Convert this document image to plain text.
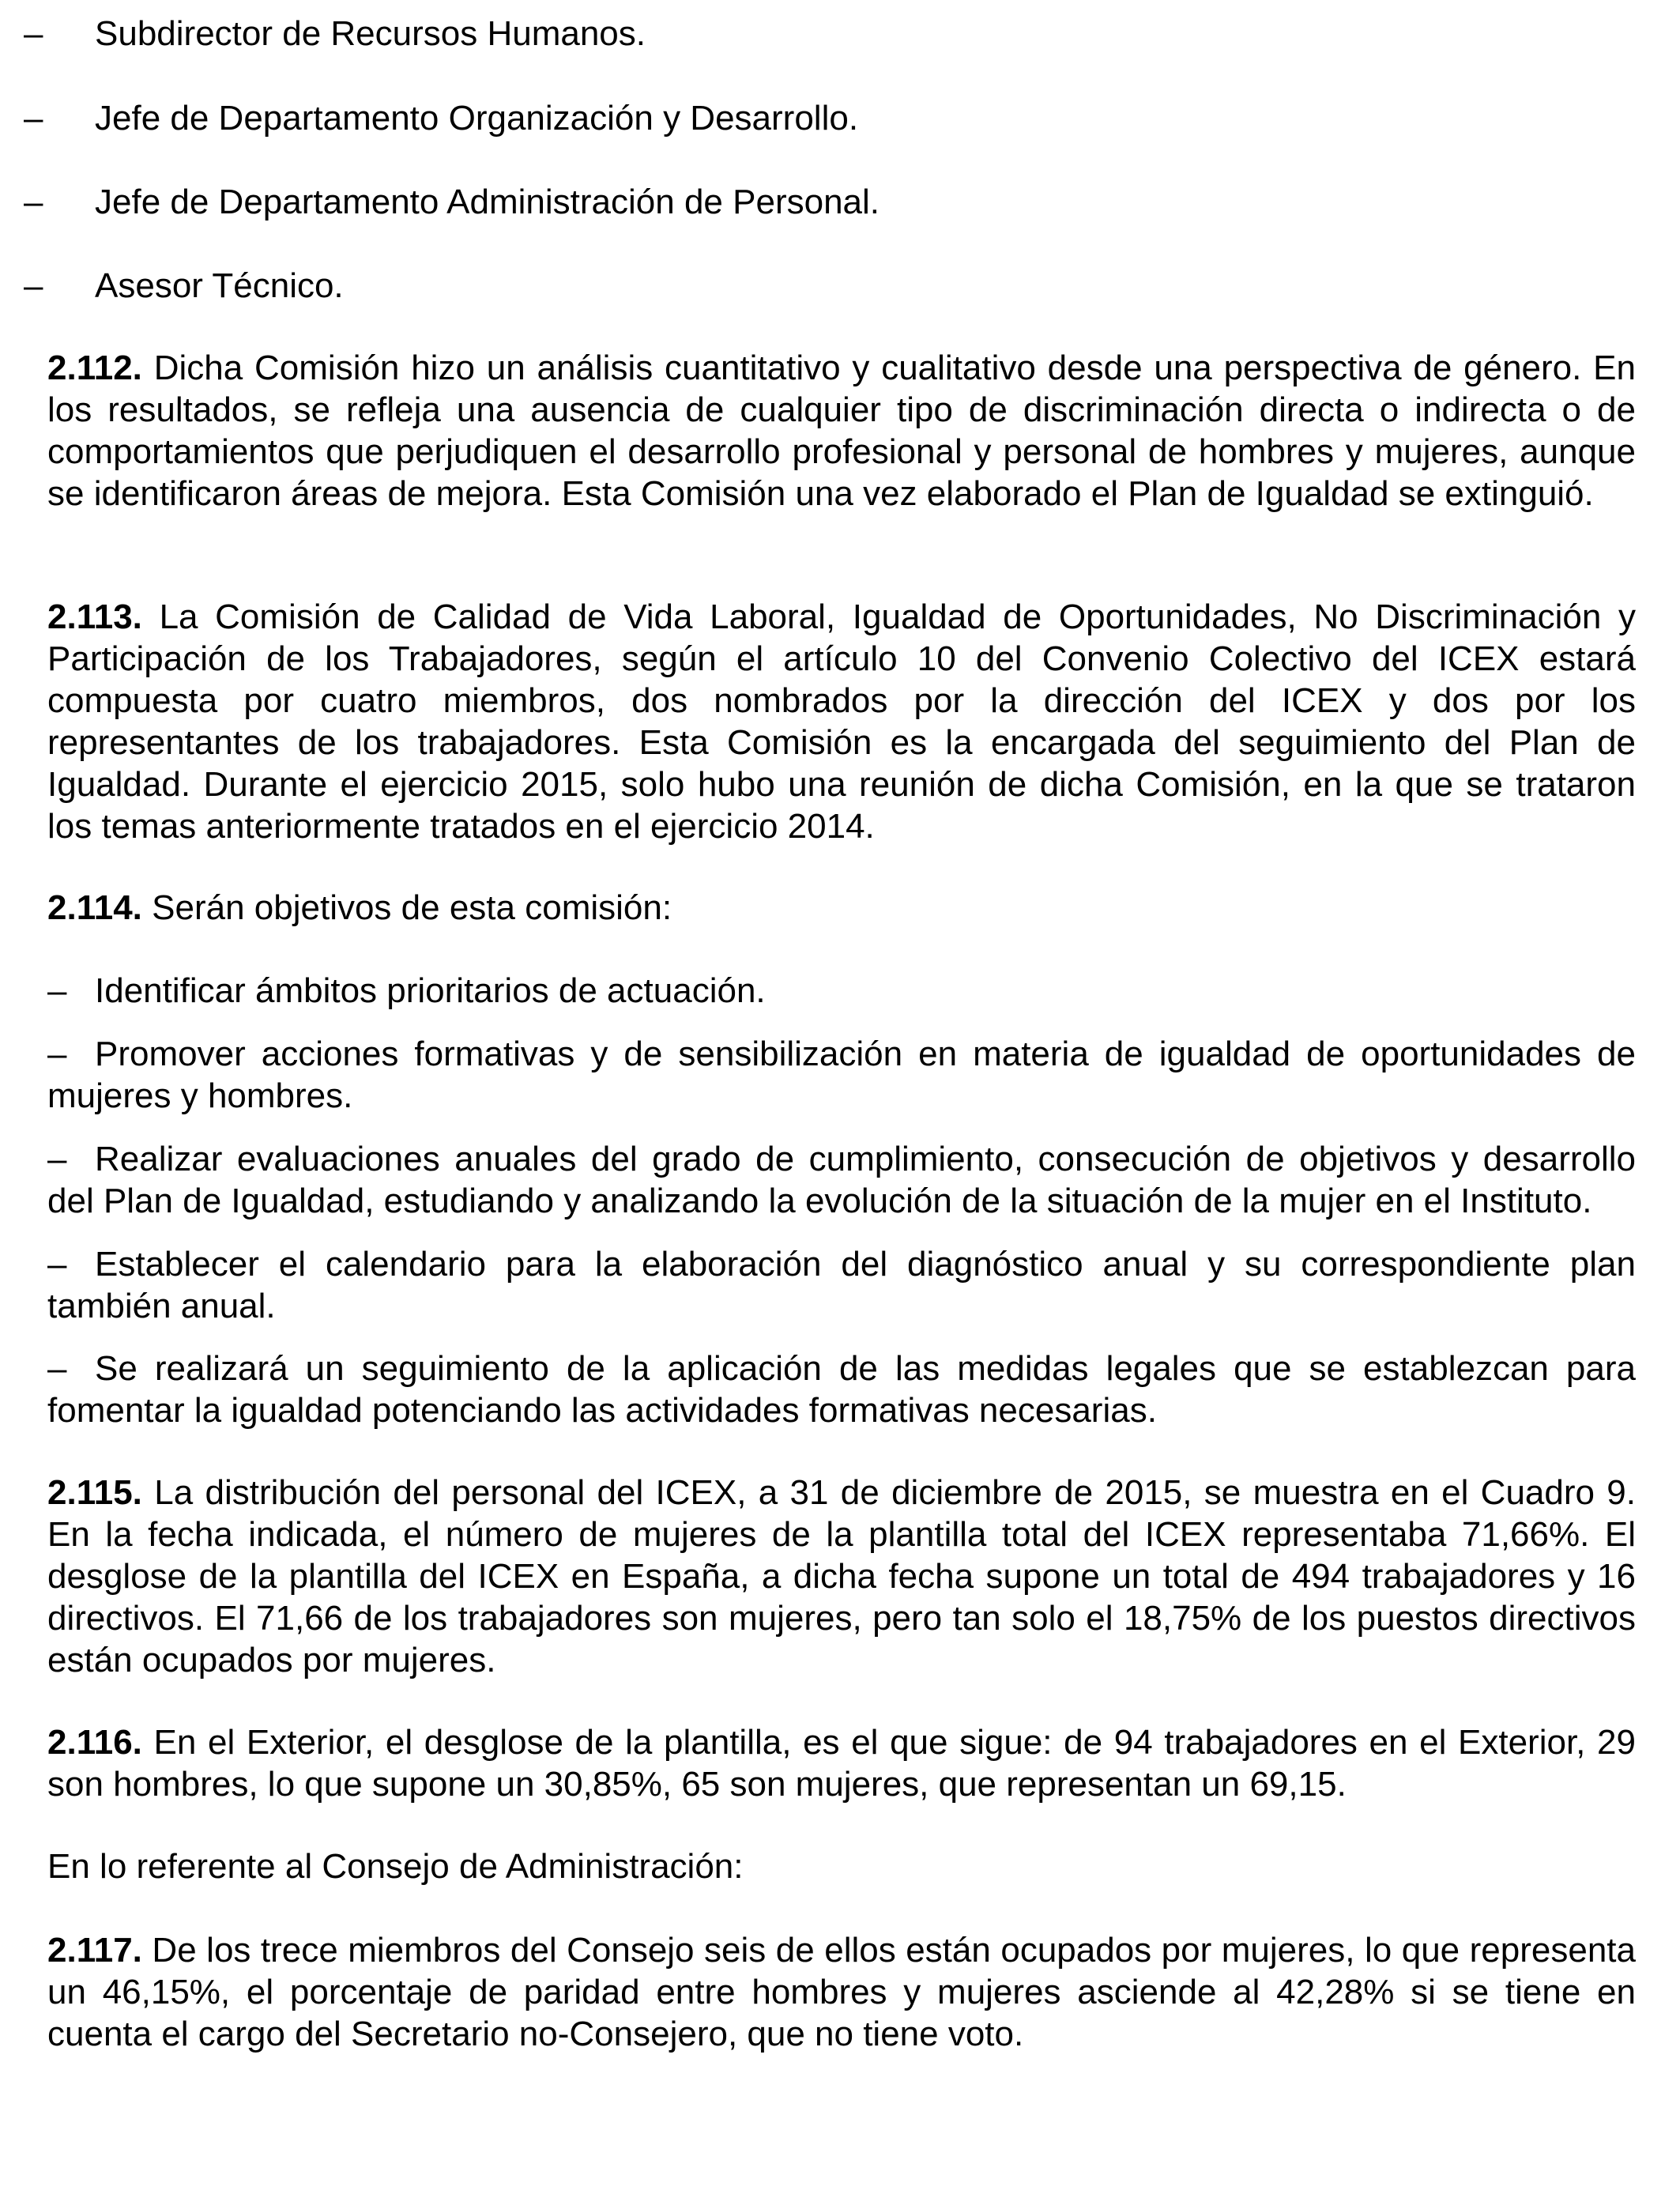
– Subdirector de Recursos Humanos.
– Jefe de Departamento Organización y Desarrollo.
– Jefe de Departamento Administración de Personal.
– Asesor Técnico.
2.112. Dicha Comisión hizo un análisis cuantitativo y cualitativo desde una perspectiva de género. En los resultados, se refleja una ausencia de cualquier tipo de discriminación directa o indirecta o de comportamientos que perjudiquen el desarrollo profesional y personal de hombres y mujeres, aunque se identificaron áreas de mejora. Esta Comisión una vez elaborado el Plan de Igualdad se extinguió.
2.113. La Comisión de Calidad de Vida Laboral, Igualdad de Oportunidades, No Discriminación y Participación de los Trabajadores, según el artículo 10 del Convenio Colectivo del ICEX estará compuesta por cuatro miembros, dos nombrados por la dirección del ICEX y dos por los representantes de los trabajadores. Esta Comisión es la encargada del seguimiento del Plan de Igualdad. Durante el ejercicio 2015, solo hubo una reunión de dicha Comisión, en la que se trataron los temas anteriormente tratados en el ejercicio 2014.
2.114. Serán objetivos de esta comisión:
– Identificar ámbitos prioritarios de actuación.
– Promover acciones formativas y de sensibilización en materia de igualdad de oportunidades de mujeres y hombres.
– Realizar evaluaciones anuales del grado de cumplimiento, consecución de objetivos y desarrollo del Plan de Igualdad, estudiando y analizando la evolución de la situación de la mujer en el Instituto.
– Establecer el calendario para la elaboración del diagnóstico anual y su correspondiente plan también anual.
– Se realizará un seguimiento de la aplicación de las medidas legales que se establezcan para fomentar la igualdad potenciando las actividades formativas necesarias.
2.115. La distribución del personal del ICEX, a 31 de diciembre de 2015, se muestra en el Cuadro 9. En la fecha indicada, el número de mujeres de la plantilla total del ICEX representaba 71,66%. El desglose de la plantilla del ICEX en España, a dicha fecha supone un total de 494 trabajadores y 16 directivos. El 71,66 de los trabajadores son mujeres, pero tan solo el 18,75% de los puestos directivos están ocupados por mujeres.
2.116. En el Exterior, el desglose de la plantilla, es el que sigue: de 94 trabajadores en el Exterior, 29 son hombres, lo que supone un 30,85%, 65 son mujeres, que representan un 69,15.
En lo referente al Consejo de Administración:
2.117. De los trece miembros del Consejo seis de ellos están ocupados por mujeres, lo que representa un 46,15%, el porcentaje de paridad entre hombres y mujeres asciende al 42,28% si se tiene en cuenta el cargo del Secretario no-Consejero, que no tiene voto.
